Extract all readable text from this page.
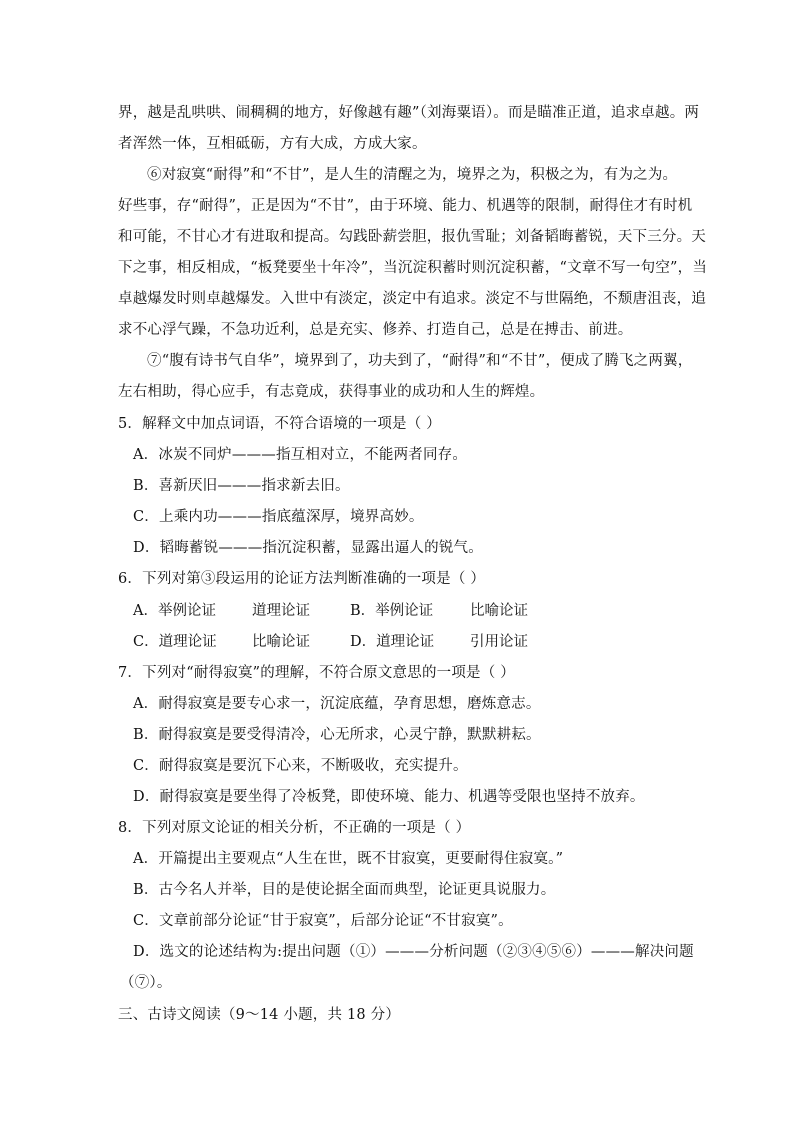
界，越是乱哄哄、闹稠稠的地方，好像越有趣”（刘海粟语）。而是瞄准正道，追求卓越。两
者浑然一体，互相砥砺，方有大成，方成大家。
⑥对寂寞“耐得”和“不甘”，是人生的清醒之为，境界之为，积极之为，有为之为。
好些事，存“耐得”，正是因为“不甘”，由于环境、能力、机遇等的限制，耐得住才有时机
和可能，不甘心才有进取和提高。勾践卧薪尝胆，报仇雪耻；刘备韬晦蓄锐，天下三分。天
下之事，相反相成，“板凳要坐十年冷”，当沉淀积蓄时则沉淀积蓄，“文章不写一句空”，当
卓越爆发时则卓越爆发。入世中有淡定，淡定中有追求。淡定不与世隔绝，不颓唐沮丧，追
求不心浮气躁，不急功近利，总是充实、修养、打造自己，总是在搏击、前进。
⑦“腹有诗书气自华”，境界到了，功夫到了，“耐得”和“不甘”，便成了腾飞之两翼，
左右相助，得心应手，有志竟成，获得事业的成功和人生的辉煌。
5．解释文中加点词语，不符合语境的一项是（ ）
A．冰炭不同炉———指互相对立，不能两者同存。
B．喜新厌旧———指求新去旧。
C．上乘内功———指底蕴深厚，境界高妙。
D．韬晦蓄锐———指沉淀积蓄，显露出逼人的锐气。
6．下列对第③段运用的论证方法判断准确的一项是（ ）
A．举例论证 道理论证	B．举例论证	比喻论证
C．道理论证 比喻论证	D．道理论证 引用论证
7．下列对“耐得寂寞”的理解，不符合原文意思的一项是（ ）
A．耐得寂寞是要专心求一，沉淀底蕴，孕育思想，磨炼意志。
B．耐得寂寞是要受得清冷，心无所求，心灵宁静，默默耕耘。
C．耐得寂寞是要沉下心来，不断吸收，充实提升。
D．耐得寂寞是要坐得了冷板凳，即使环境、能力、机遇等受限也坚持不放弃。
8．下列对原文论证的相关分析，不正确的一项是（ ）
A．开篇提出主要观点“人生在世，既不甘寂寞，更要耐得住寂寞。”
B．古今名人并举，目的是使论据全面而典型，论证更具说服力。
C．文章前部分论证“甘于寂寞”，后部分论证“不甘寂寞”。
D．选文的论述结构为:提出问题（①）———分析问题（②③④⑤⑥）———解决问题
（⑦）。
三、古诗文阅读（9～14 小题，共 18 分）
